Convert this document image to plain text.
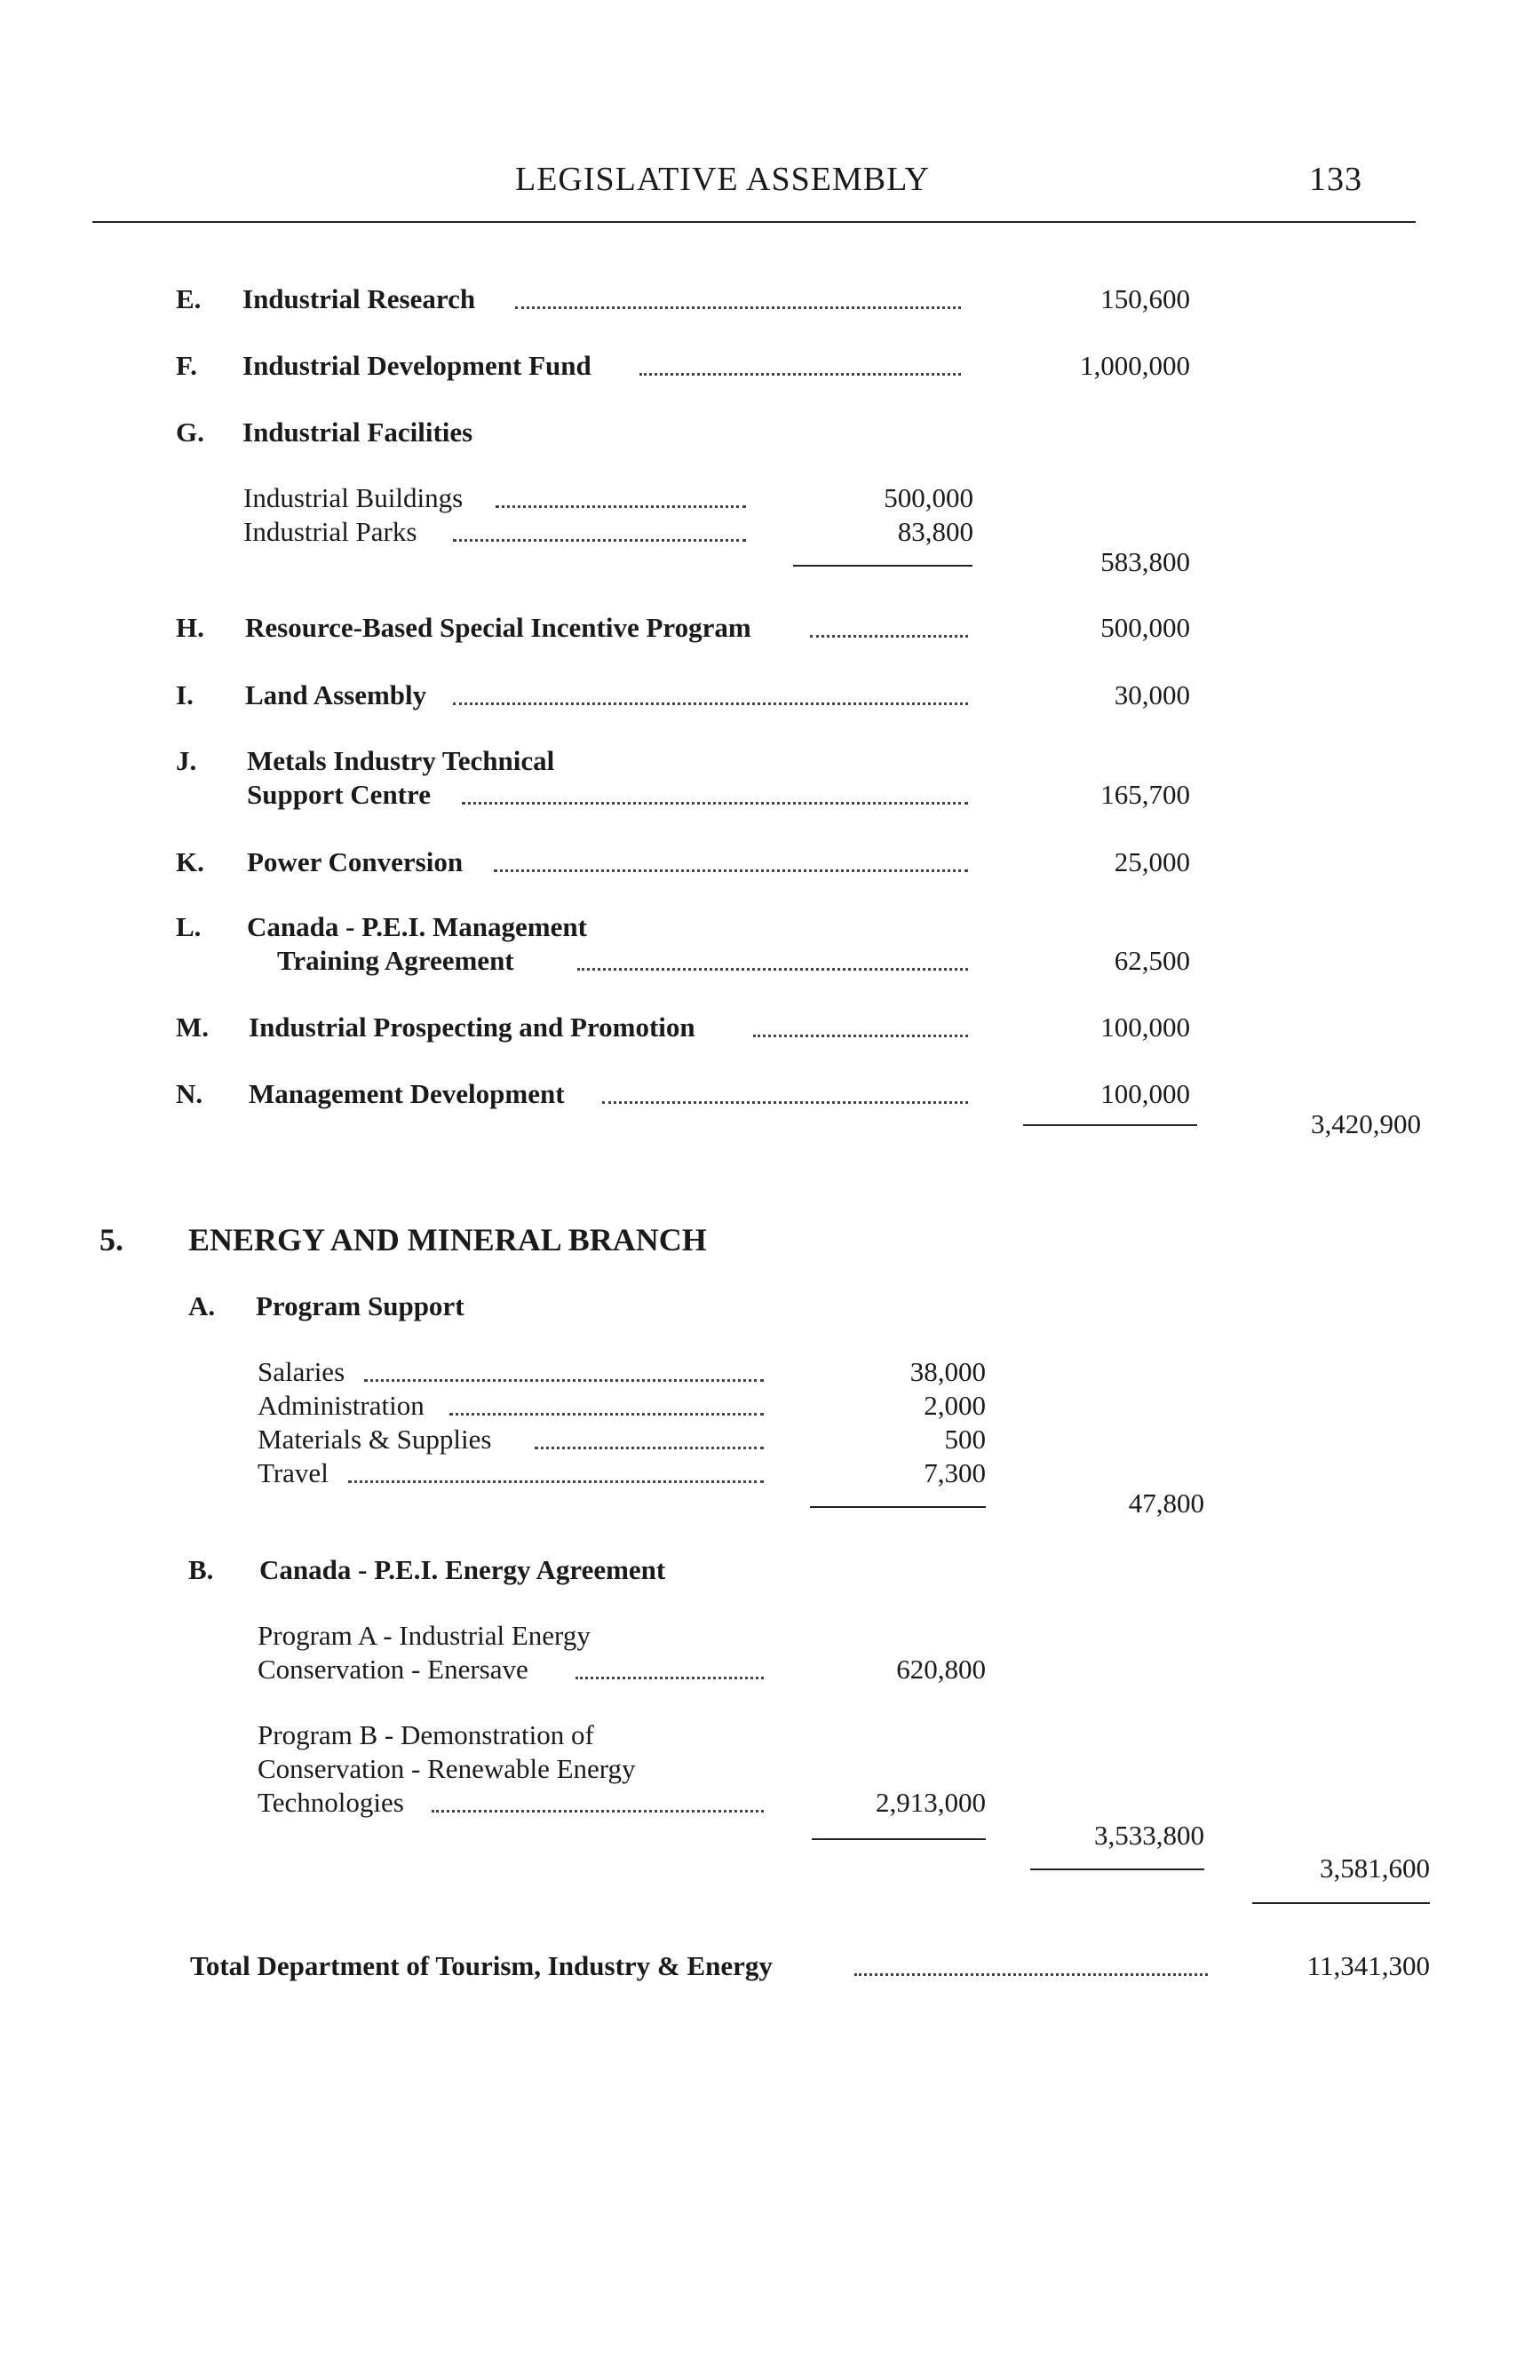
LEGISLATIVE ASSEMBLY	133
E. Industrial Research	150,600
F. Industrial Development Fund	1,000,000
G. Industrial Facilities
Industrial Buildings	500,000
Industrial Parks	83,800
583,800
H. Resource-Based Special Incentive Program	500,000
I. Land Assembly	30,000
J. Metals Industry Technical
Support Centre	165,700
K. Power Conversion	25,000
L. Canada - P.E.I. Management
Training Agreement	62,500
M. Industrial Prospecting and Promotion	100,000
N. Management Development	100,000
3,420,900
5. ENERGY AND MINERAL BRANCH
A. Program Support
Salaries	38,000
Administration	2,000
Materials & Supplies	500
Travel	7,300
47,800
B. Canada - P.E.I. Energy Agreement
Program A - Industrial Energy
Conservation - Enersave	620,800
Program B - Demonstration of
Conservation - Renewable Energy
Technologies	2,913,000
3,533,800
3,581,600
Total Department of Tourism, Industry & Energy	11,341,300
